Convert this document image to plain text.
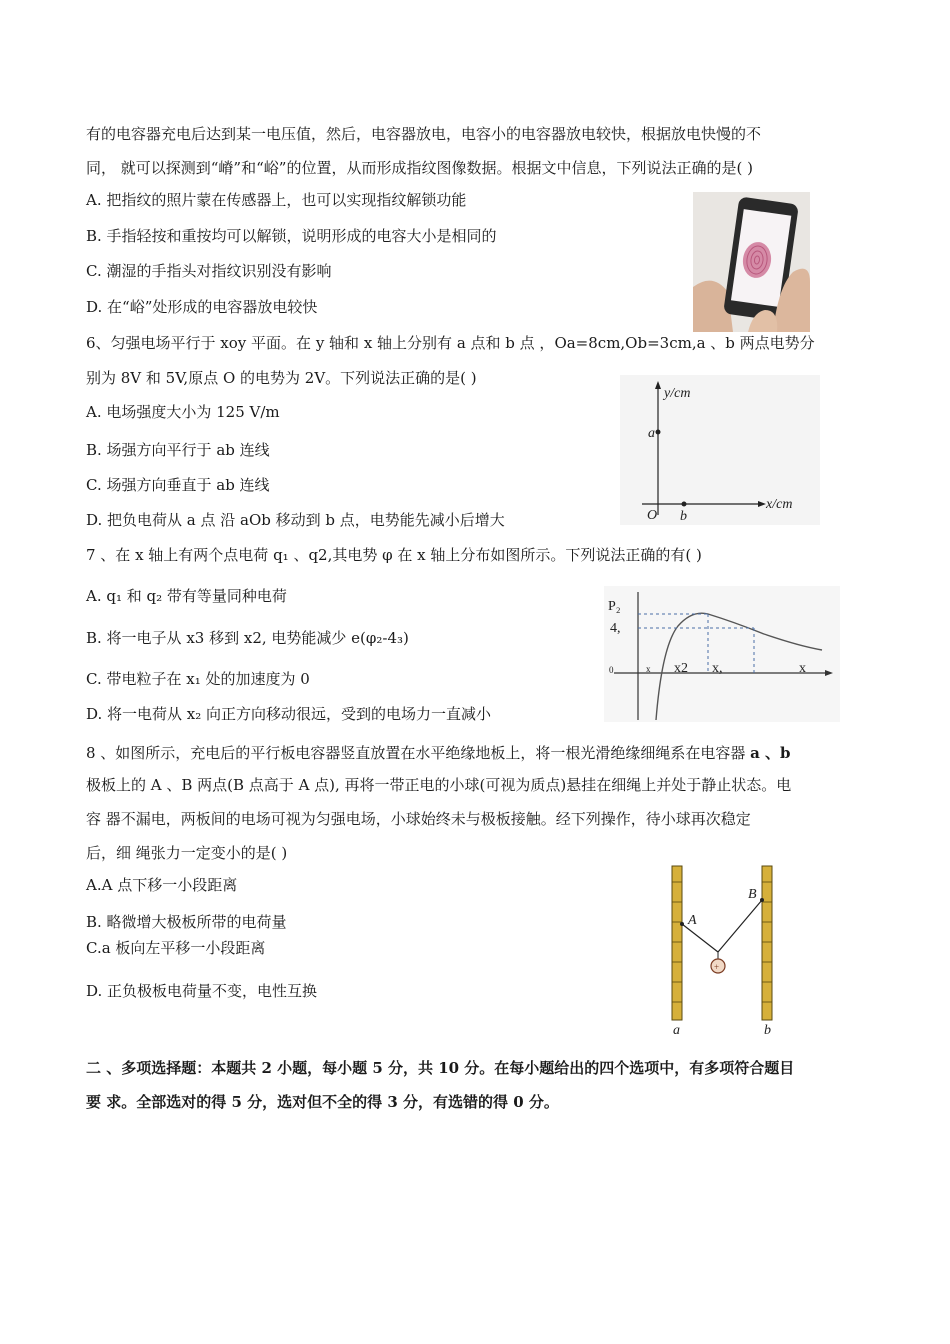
有的电容器充电后达到某一电压值，然后，电容器放电，电容小的电容器放电较快，根据放电快慢的不
同， 就可以探测到“嵴”和“峪”的位置，从而形成指纹图像数据。根据文中信息，下列说法正确的是( )
A. 把指纹的照片蒙在传感器上，也可以实现指纹解锁功能
B. 手指轻按和重按均可以解锁，说明形成的电容大小是相同的
C. 潮湿的手指头对指纹识别没有影响
D. 在“峪”处形成的电容器放电较快
6、匀强电场平行于 xoy 平面。在 y 轴和 x 轴上分别有 a 点和 b 点 ，Oa=8cm,Ob=3cm,a 、b 两点电势分
别为 8V 和 5V,原点 O 的电势为 2V。下列说法正确的是( )
A. 电场强度大小为 125 V/m
B. 场强方向平行于 ab 连线
C. 场强方向垂直于 ab 连线
D. 把负电荷从 a 点 沿 aOb 移动到 b 点，电势能先减小后增大
y/cm
x/cm
a
O b
7 、在 x 轴上有两个点电荷 q₁ 、q2,其电势 φ 在 x 轴上分布如图所示。下列说法正确的有( )
A. q₁ 和 q₂ 带有等量同种电荷
B. 将一电子从 x3 移到 x2, 电势能减少 e(φ₂-4₃)
C. 带电粒子在 x₁ 处的加速度为 0
D. 将一电荷从 x₂ 向正方向移动很远，受到的电场力一直减小
P₂
4,
0	x x2 x,	x
8 、如图所示，充电后的平行板电容器竖直放置在水平绝缘地板上，将一根光滑绝缘细绳系在电容器 a 、b
极板上的 A 、B 两点(B 点高于 A 点), 再将一带正电的小球(可视为质点)悬挂在细绳上并处于静止状态。电
容 器不漏电，两板间的电场可视为匀强电场，小球始终未与极板接触。经下列操作，待小球再次稳定
后，细 绳张力一定变小的是( )
A.A 点下移一小段距离
B. 略微增大极板所带的电荷量
C.a 板向左平移一小段距离
D. 正负极板电荷量不变，电性互换
+
A
B
a	b
二 、多项选择题：本题共 2 小题，每小题 5 分，共 10 分。在每小题给出的四个选项中，有多项符合题目
要 求。全部选对的得 5 分，选对但不全的得 3 分，有选错的得 0 分。
